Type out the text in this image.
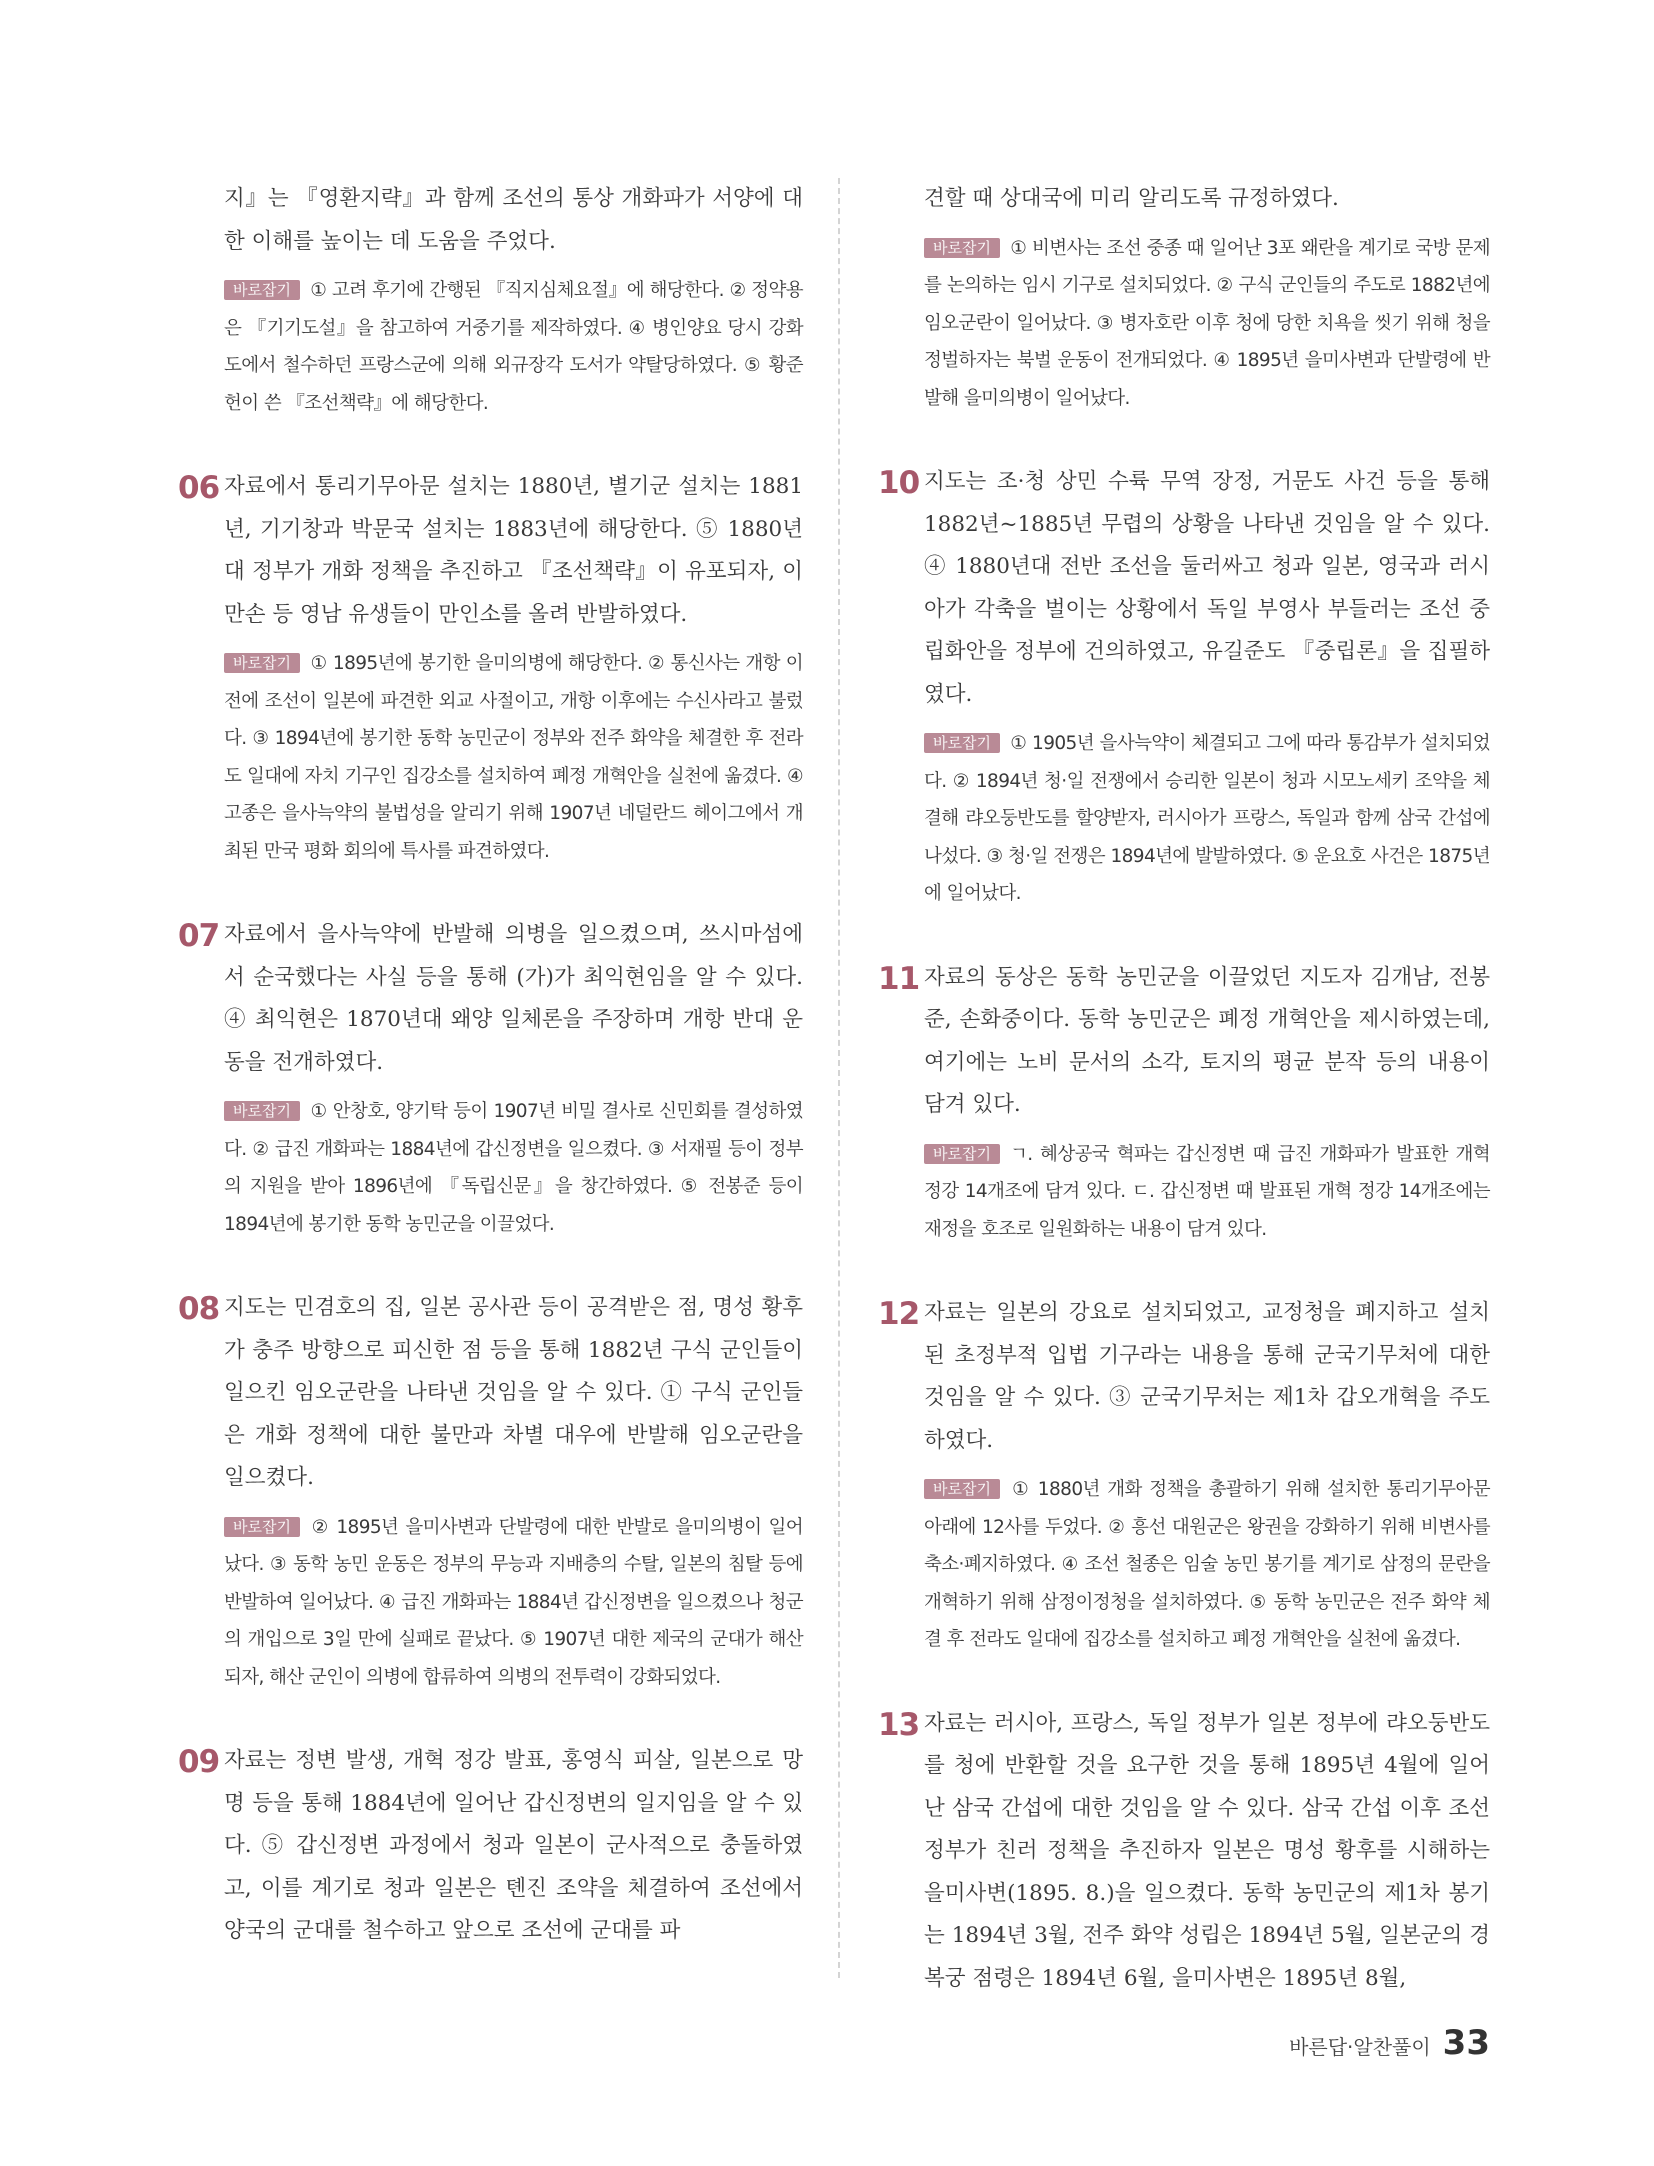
지』는 『영환지략』과 함께 조선의 통상 개화파가 서양에 대한 이해를 높이는 데 도움을 주었다.

바로잡기 ① 고려 후기에 간행된 『직지심체요절』에 해당한다. ② 정약용은 『기기도설』을 참고하여 거중기를 제작하였다. ④ 병인양요 당시 강화도에서 철수하던 프랑스군에 의해 외규장각 도서가 약탈당하였다. ⑤ 황준헌이 쓴 『조선책략』에 해당한다.
06 자료에서 통리기무아문 설치는 1880년, 별기군 설치는 1881년, 기기창과 박문국 설치는 1883년에 해당한다. ⑤ 1880년대 정부가 개화 정책을 추진하고 『조선책략』이 유포되자, 이만손 등 영남 유생들이 만인소를 올려 반발하였다.

바로잡기 ① 1895년에 봉기한 을미의병에 해당한다. ② 통신사는 개항 이전에 조선이 일본에 파견한 외교 사절이고, 개항 이후에는 수신사라고 불렀다. ③ 1894년에 봉기한 동학 농민군이 정부와 전주 화약을 체결한 후 전라도 일대에 자치 기구인 집강소를 설치하여 폐정 개혁안을 실천에 옮겼다. ④ 고종은 을사늑약의 불법성을 알리기 위해 1907년 네덜란드 헤이그에서 개최된 만국 평화 회의에 특사를 파견하였다.
07 자료에서 을사늑약에 반발해 의병을 일으켰으며, 쓰시마섬에서 순국했다는 사실 등을 통해 (가)가 최익현임을 알 수 있다. ④ 최익현은 1870년대 왜양 일체론을 주장하며 개항 반대 운동을 전개하였다.

바로잡기 ① 안창호, 양기탁 등이 1907년 비밀 결사로 신민회를 결성하였다. ② 급진 개화파는 1884년에 갑신정변을 일으켰다. ③ 서재필 등이 정부의 지원을 받아 1896년에 『독립신문』을 창간하였다. ⑤ 전봉준 등이 1894년에 봉기한 동학 농민군을 이끌었다.
08 지도는 민겸호의 집, 일본 공사관 등이 공격받은 점, 명성 황후가 충주 방향으로 피신한 점 등을 통해 1882년 구식 군인들이 일으킨 임오군란을 나타낸 것임을 알 수 있다. ① 구식 군인들은 개화 정책에 대한 불만과 차별 대우에 반발해 임오군란을 일으켰다.

바로잡기 ② 1895년 을미사변과 단발령에 대한 반발로 을미의병이 일어났다. ③ 동학 농민 운동은 정부의 무능과 지배층의 수탈, 일본의 침탈 등에 반발하여 일어났다. ④ 급진 개화파는 1884년 갑신정변을 일으켰으나 청군의 개입으로 3일 만에 실패로 끝났다. ⑤ 1907년 대한 제국의 군대가 해산되자, 해산 군인이 의병에 합류하여 의병의 전투력이 강화되었다.
09 자료는 정변 발생, 개혁 정강 발표, 홍영식 피살, 일본으로 망명 등을 통해 1884년에 일어난 갑신정변의 일지임을 알 수 있다. ⑤ 갑신정변 과정에서 청과 일본이 군사적으로 충돌하였고, 이를 계기로 청과 일본은 톈진 조약을 체결하여 조선에서 양국의 군대를 철수하고 앞으로 조선에 군대를 파

견할 때 상대국에 미리 알리도록 규정하였다.

바로잡기 ① 비변사는 조선 중종 때 일어난 3포 왜란을 계기로 국방 문제를 논의하는 임시 기구로 설치되었다. ② 구식 군인들의 주도로 1882년에 임오군란이 일어났다. ③ 병자호란 이후 청에 당한 치욕을 씻기 위해 청을 정벌하자는 북벌 운동이 전개되었다. ④ 1895년 을미사변과 단발령에 반발해 을미의병이 일어났다.
10 지도는 조·청 상민 수륙 무역 장정, 거문도 사건 등을 통해 1882년~1885년 무렵의 상황을 나타낸 것임을 알 수 있다. ④ 1880년대 전반 조선을 둘러싸고 청과 일본, 영국과 러시아가 각축을 벌이는 상황에서 독일 부영사 부들러는 조선 중립화안을 정부에 건의하였고, 유길준도 『중립론』을 집필하였다.

바로잡기 ① 1905년 을사늑약이 체결되고 그에 따라 통감부가 설치되었다. ② 1894년 청·일 전쟁에서 승리한 일본이 청과 시모노세키 조약을 체결해 랴오둥반도를 할양받자, 러시아가 프랑스, 독일과 함께 삼국 간섭에 나섰다. ③ 청·일 전쟁은 1894년에 발발하였다. ⑤ 운요호 사건은 1875년에 일어났다.
11 자료의 동상은 동학 농민군을 이끌었던 지도자 김개남, 전봉준, 손화중이다. 동학 농민군은 폐정 개혁안을 제시하였는데, 여기에는 노비 문서의 소각, 토지의 평균 분작 등의 내용이 담겨 있다.

바로잡기 ㄱ. 혜상공국 혁파는 갑신정변 때 급진 개화파가 발표한 개혁 정강 14개조에 담겨 있다. ㄷ. 갑신정변 때 발표된 개혁 정강 14개조에는 재정을 호조로 일원화하는 내용이 담겨 있다.
12 자료는 일본의 강요로 설치되었고, 교정청을 폐지하고 설치된 초정부적 입법 기구라는 내용을 통해 군국기무처에 대한 것임을 알 수 있다. ③ 군국기무처는 제1차 갑오개혁을 주도하였다.

바로잡기 ① 1880년 개화 정책을 총괄하기 위해 설치한 통리기무아문 아래에 12사를 두었다. ② 흥선 대원군은 왕권을 강화하기 위해 비변사를 축소·폐지하였다. ④ 조선 철종은 임술 농민 봉기를 계기로 삼정의 문란을 개혁하기 위해 삼정이정청을 설치하였다. ⑤ 동학 농민군은 전주 화약 체결 후 전라도 일대에 집강소를 설치하고 폐정 개혁안을 실천에 옮겼다.
13 자료는 러시아, 프랑스, 독일 정부가 일본 정부에 랴오둥반도를 청에 반환할 것을 요구한 것을 통해 1895년 4월에 일어난 삼국 간섭에 대한 것임을 알 수 있다. 삼국 간섭 이후 조선 정부가 친러 정책을 추진하자 일본은 명성 황후를 시해하는 을미사변(1895. 8.)을 일으켰다. 동학 농민군의 제1차 봉기는 1894년 3월, 전주 화약 성립은 1894년 5월, 일본군의 경복궁 점령은 1894년 6월, 을미사변은 1895년 8월,

바른답·알찬풀이 33
